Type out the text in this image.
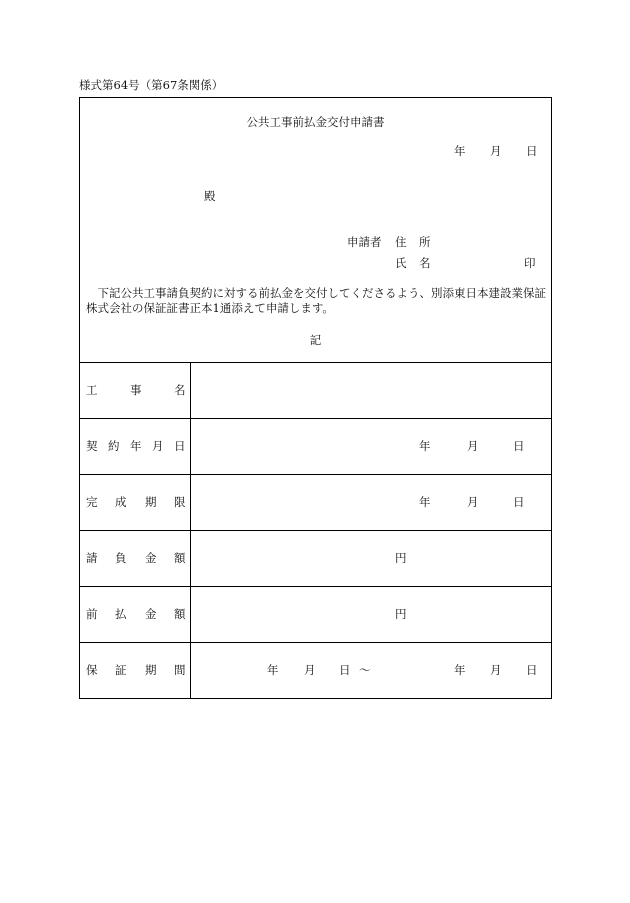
様式第64号（第67条関係）
公共工事前払金交付申請書
年 月 日
殿
申請者 住 所
氏 名	印
下記公共工事請負契約に対する前払金を交付してくださるよう、別添東日本建設業保証株式会社の保証証書正本1通添えて申請します。
記
工	事	名
契 約 年 月 日	年	月	日
完 成 期 限	年	月	日
請 負 金 額	円
前 払 金 額	円
保 証 期 間	年 月 日 〜	年 月 日
